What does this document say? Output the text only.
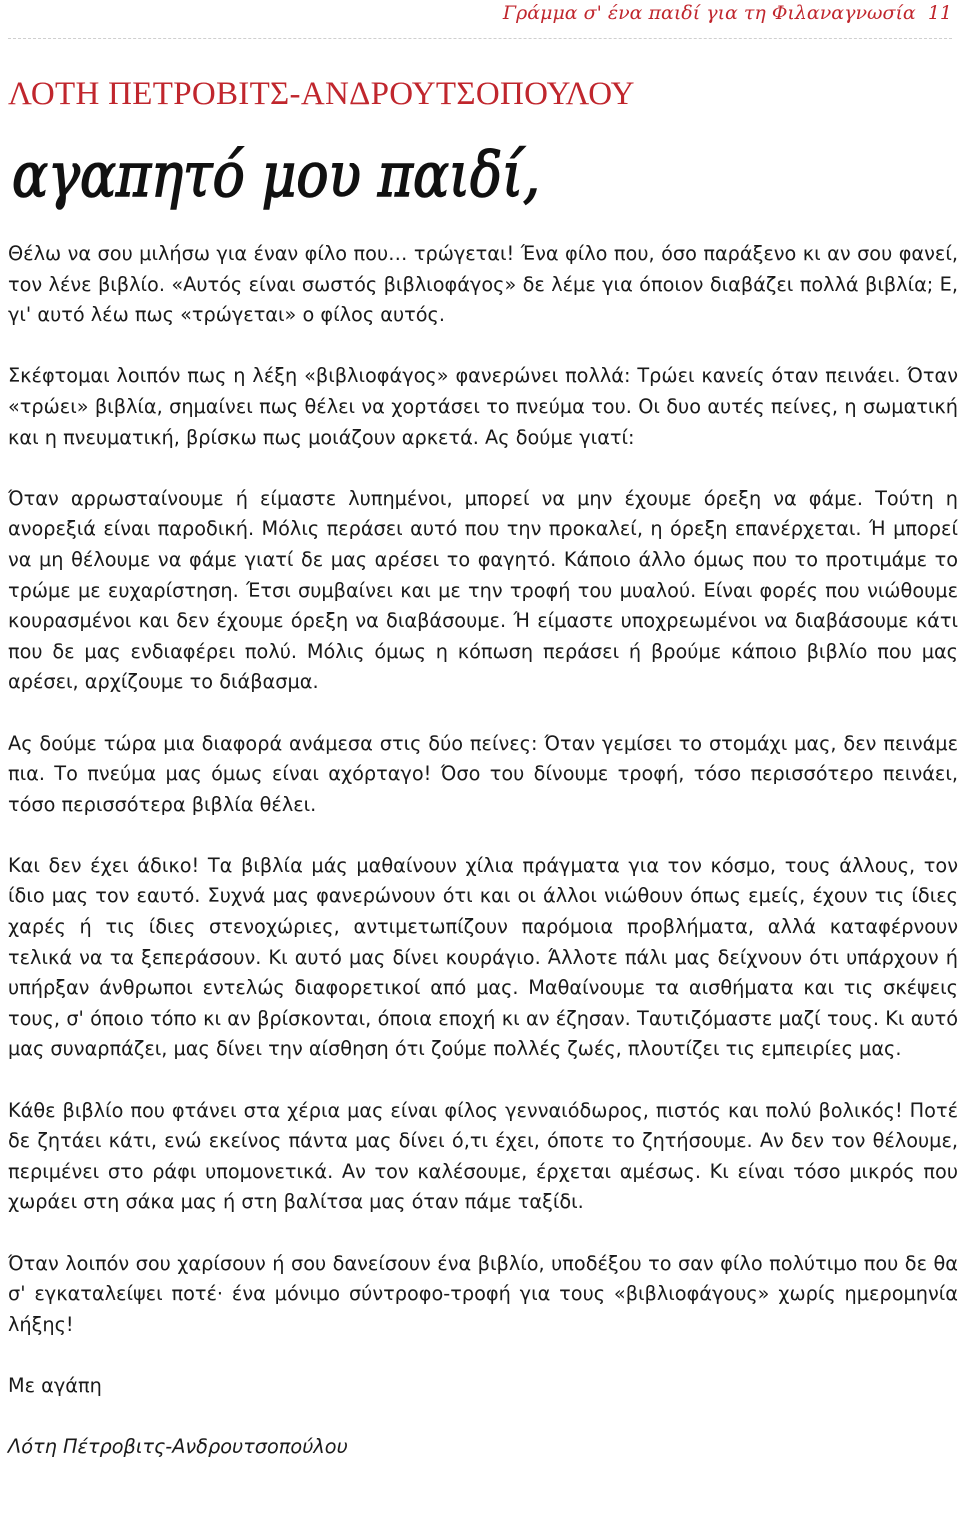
Γράμμα σ' ένα παιδί για τη Φιλαναγνωσία 11
ΛΟΤΗ ΠΕΤΡΟΒΙΤΣ-ΑΝΔΡΟΥΤΣΟΠΟΥΛΟΥ
αγαπητό μου παιδί,

Θέλω να σου μιλήσω για έναν φίλο που… τρώγεται! Ένα φίλο που, όσο παράξενο κι αν σου φανεί, τον λένε βιβλίο. «Αυτός είναι σωστός βιβλιοφάγος» δε λέμε για όποιον διαβάζει πολλά βιβλία; Ε, γι' αυτό λέω πως «τρώγεται» ο φίλος αυτός.

Σκέφτομαι λοιπόν πως η λέξη «βιβλιοφάγος» φανερώνει πολλά: Τρώει κανείς όταν πεινάει. Όταν «τρώει» βιβλία, σημαίνει πως θέλει να χορτάσει το πνεύμα του. Οι δυο αυτές πείνες, η σωματική και η πνευματική, βρίσκω πως μοιάζουν αρκετά. Ας δούμε γιατί:

Όταν αρρωσταίνουμε ή είμαστε λυπημένοι, μπορεί να μην έχουμε όρεξη να φάμε. Τούτη η ανορεξιά είναι παροδική. Μόλις περάσει αυτό που την προκαλεί, η όρεξη επανέρχεται. Ή μπορεί να μη θέλουμε να φάμε γιατί δε μας αρέσει το φαγητό. Κάποιο άλλο όμως που το προτιμάμε το τρώμε με ευχαρίστηση. Έτσι συμβαίνει και με την τροφή του μυαλού. Είναι φορές που νιώθουμε κουρασμένοι και δεν έχουμε όρεξη να διαβάσουμε. Ή είμαστε υποχρεωμένοι να διαβάσουμε κάτι που δε μας ενδιαφέρει πολύ. Μόλις όμως η κόπωση περάσει ή βρούμε κάποιο βιβλίο που μας αρέσει, αρχίζουμε το διάβασμα.

Ας δούμε τώρα μια διαφορά ανάμεσα στις δύο πείνες: Όταν γεμίσει το στομάχι μας, δεν πεινάμε πια. Το πνεύμα μας όμως είναι αχόρταγο! Όσο του δίνουμε τροφή, τόσο περισσότερο πεινάει, τόσο περισσότερα βιβλία θέλει.

Και δεν έχει άδικο! Τα βιβλία μάς μαθαίνουν χίλια πράγματα για τον κόσμο, τους άλλους, τον ίδιο μας τον εαυτό. Συχνά μας φανερώνουν ότι και οι άλλοι νιώθουν όπως εμείς, έχουν τις ίδιες χαρές ή τις ίδιες στενοχώριες, αντιμετωπίζουν παρόμοια προβλήματα, αλλά καταφέρνουν τελικά να τα ξεπεράσουν. Κι αυτό μας δίνει κουράγιο. Άλλοτε πάλι μας δείχνουν ότι υπάρχουν ή υπήρξαν άνθρωποι εντελώς διαφορετικοί από μας. Μαθαίνουμε τα αισθήματα και τις σκέψεις τους, σ' όποιο τόπο κι αν βρίσκονται, όποια εποχή κι αν έζησαν. Ταυτιζόμαστε μαζί τους. Κι αυτό μας συναρπάζει, μας δίνει την αίσθηση ότι ζούμε πολλές ζωές, πλουτίζει τις εμπειρίες μας.

Κάθε βιβλίο που φτάνει στα χέρια μας είναι φίλος γενναιόδωρος, πιστός και πολύ βολικός! Ποτέ δε ζητάει κάτι, ενώ εκείνος πάντα μας δίνει ό,τι έχει, όποτε το ζητήσουμε. Αν δεν τον θέλουμε, περιμένει στο ράφι υπομονετικά. Αν τον καλέσουμε, έρχεται αμέσως. Κι είναι τόσο μικρός που χωράει στη σάκα μας ή στη βαλίτσα μας όταν πάμε ταξίδι.

Όταν λοιπόν σου χαρίσουν ή σου δανείσουν ένα βιβλίο, υποδέξου το σαν φίλο πολύτιμο που δε θα σ' εγκαταλείψει ποτέ· ένα μόνιμο σύντροφο-τροφή για τους «βιβλιοφάγους» χωρίς ημερομηνία λήξης!

Με αγάπη

Λότη Πέτροβιτς-Ανδρουτσοπούλου
